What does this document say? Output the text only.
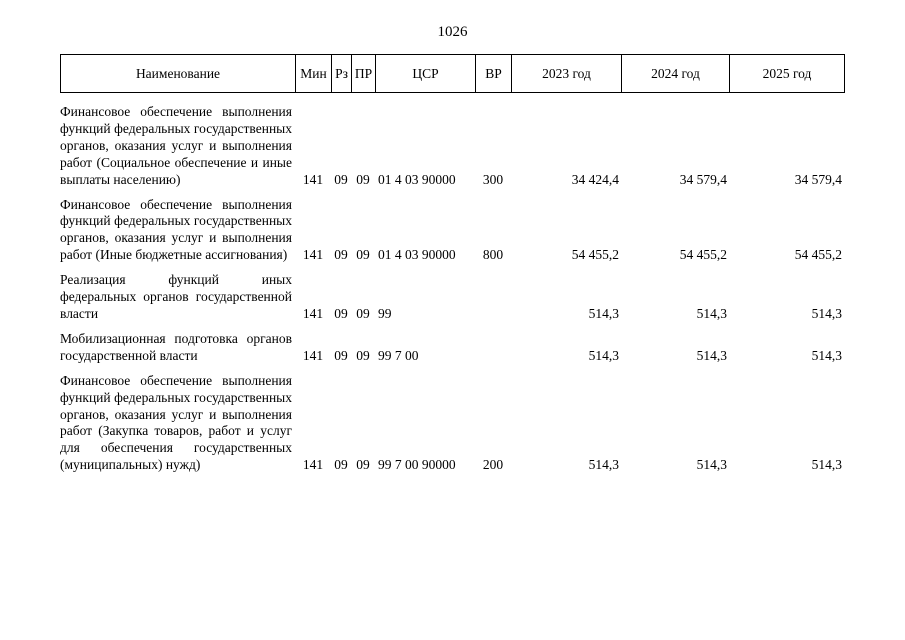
1026
Наименование	Мин	Рз	ПР	ЦСР	ВР	2023 год	2024 год	2025 год
Финансовое обеспечение выполнения функций федеральных государственных органов, оказания услуг и выполнения работ (Социальное обеспечение и иные выплаты населению)	141	09	09	01 4 03 90000	300	34 424,4	34 579,4	34 579,4
Финансовое обеспечение выполнения функций федеральных государственных органов, оказания услуг и выполнения работ (Иные бюджетные ассигнования)	141	09	09	01 4 03 90000	800	54 455,2	54 455,2	54 455,2
Реализация функций иных федеральных органов государственной власти	141	09	09	99		514,3	514,3	514,3
Мобилизационная подготовка органов государственной власти	141	09	09	99 7 00		514,3	514,3	514,3
Финансовое обеспечение выполнения функций федеральных государственных органов, оказания услуг и выполнения работ (Закупка товаров, работ и услуг для обеспечения государственных (муниципальных) нужд)	141	09	09	99 7 00 90000	200	514,3	514,3	514,3
